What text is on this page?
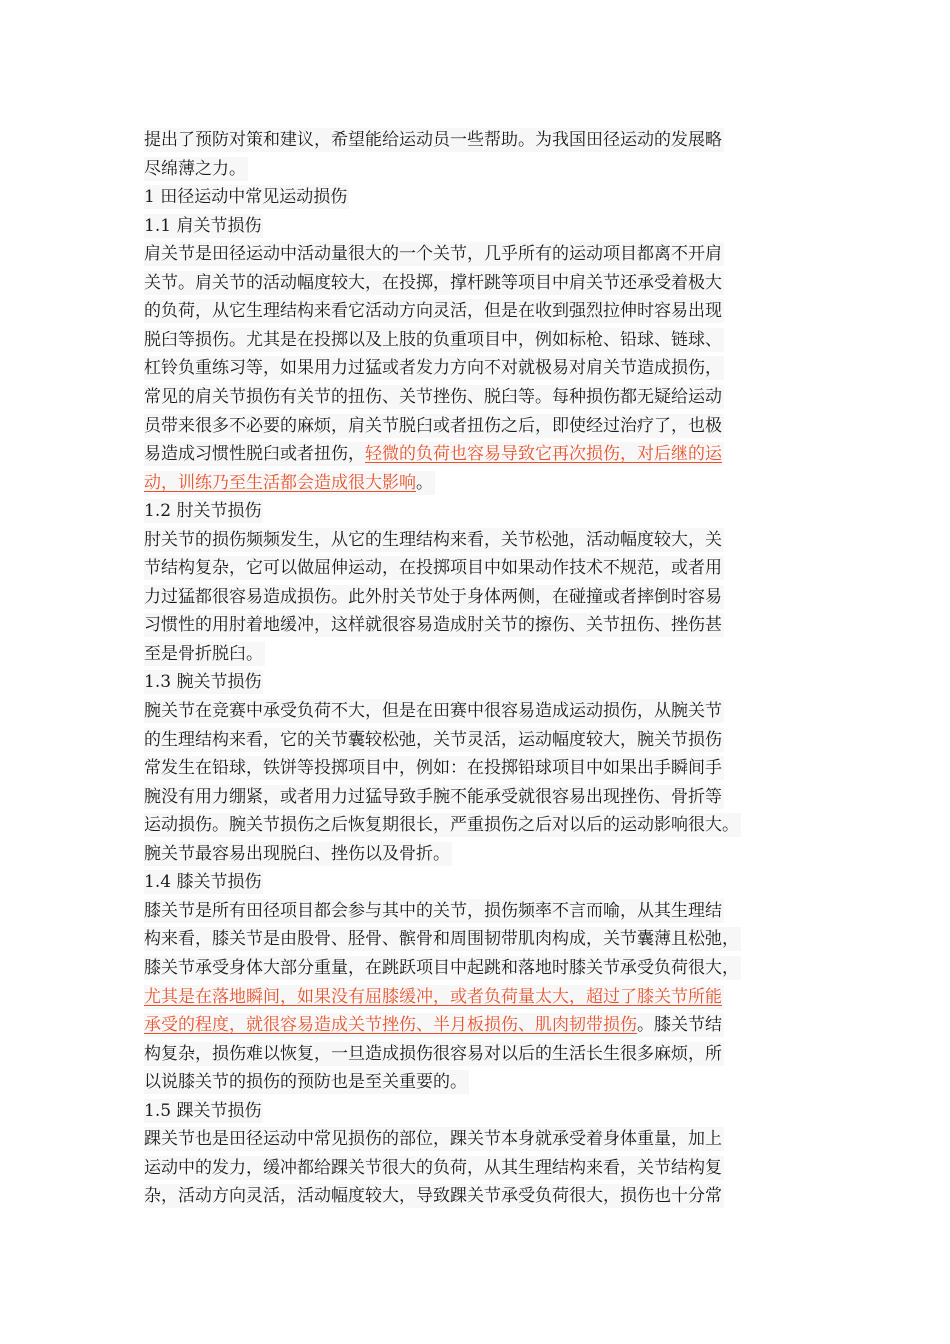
提出了预防对策和建议，希望能给运动员一些帮助。为我国田径运动的发展略
尽绵薄之力。
1 田径运动中常见运动损伤
1.1 肩关节损伤
肩关节是田径运动中活动量很大的一个关节，几乎所有的运动项目都离不开肩
关节。肩关节的活动幅度较大，在投掷，撑杆跳等项目中肩关节还承受着极大
的负荷，从它生理结构来看它活动方向灵活，但是在收到强烈拉伸时容易出现
脱臼等损伤。尤其是在投掷以及上肢的负重项目中，例如标枪、铅球、链球、
杠铃负重练习等，如果用力过猛或者发力方向不对就极易对肩关节造成损伤，
常见的肩关节损伤有关节的扭伤、关节挫伤、脱臼等。每种损伤都无疑给运动
员带来很多不必要的麻烦，肩关节脱臼或者扭伤之后，即使经过治疗了，也极
易造成习惯性脱臼或者扭伤，轻微的负荷也容易导致它再次损伤，对后继的运
动，训练乃至生活都会造成很大影响。
1.2 肘关节损伤
肘关节的损伤频频发生，从它的生理结构来看，关节松弛，活动幅度较大，关
节结构复杂，它可以做屈伸运动，在投掷项目中如果动作技术不规范，或者用
力过猛都很容易造成损伤。此外肘关节处于身体两侧，在碰撞或者摔倒时容易
习惯性的用肘着地缓冲，这样就很容易造成肘关节的擦伤、关节扭伤、挫伤甚
至是骨折脱臼。
1.3 腕关节损伤
腕关节在竞赛中承受负荷不大，但是在田赛中很容易造成运动损伤，从腕关节
的生理结构来看，它的关节囊较松弛，关节灵活，运动幅度较大，腕关节损伤
常发生在铅球，铁饼等投掷项目中，例如：在投掷铅球项目中如果出手瞬间手
腕没有用力绷紧，或者用力过猛导致手腕不能承受就很容易出现挫伤、骨折等
运动损伤。腕关节损伤之后恢复期很长，严重损伤之后对以后的运动影响很大。
腕关节最容易出现脱臼、挫伤以及骨折。
1.4 膝关节损伤
膝关节是所有田径项目都会参与其中的关节，损伤频率不言而喻，从其生理结
构来看，膝关节是由股骨、胫骨、髌骨和周围韧带肌肉构成，关节囊薄且松弛，
膝关节承受身体大部分重量，在跳跃项目中起跳和落地时膝关节承受负荷很大，
尤其是在落地瞬间，如果没有屈膝缓冲，或者负荷量太大，超过了膝关节所能
承受的程度，就很容易造成关节挫伤、半月板损伤、肌肉韧带损伤。膝关节结
构复杂，损伤难以恢复，一旦造成损伤很容易对以后的生活长生很多麻烦，所
以说膝关节的损伤的预防也是至关重要的。
1.5 踝关节损伤
踝关节也是田径运动中常见损伤的部位，踝关节本身就承受着身体重量，加上
运动中的发力，缓冲都给踝关节很大的负荷，从其生理结构来看，关节结构复
杂，活动方向灵活，活动幅度较大，导致踝关节承受负荷很大，损伤也十分常
